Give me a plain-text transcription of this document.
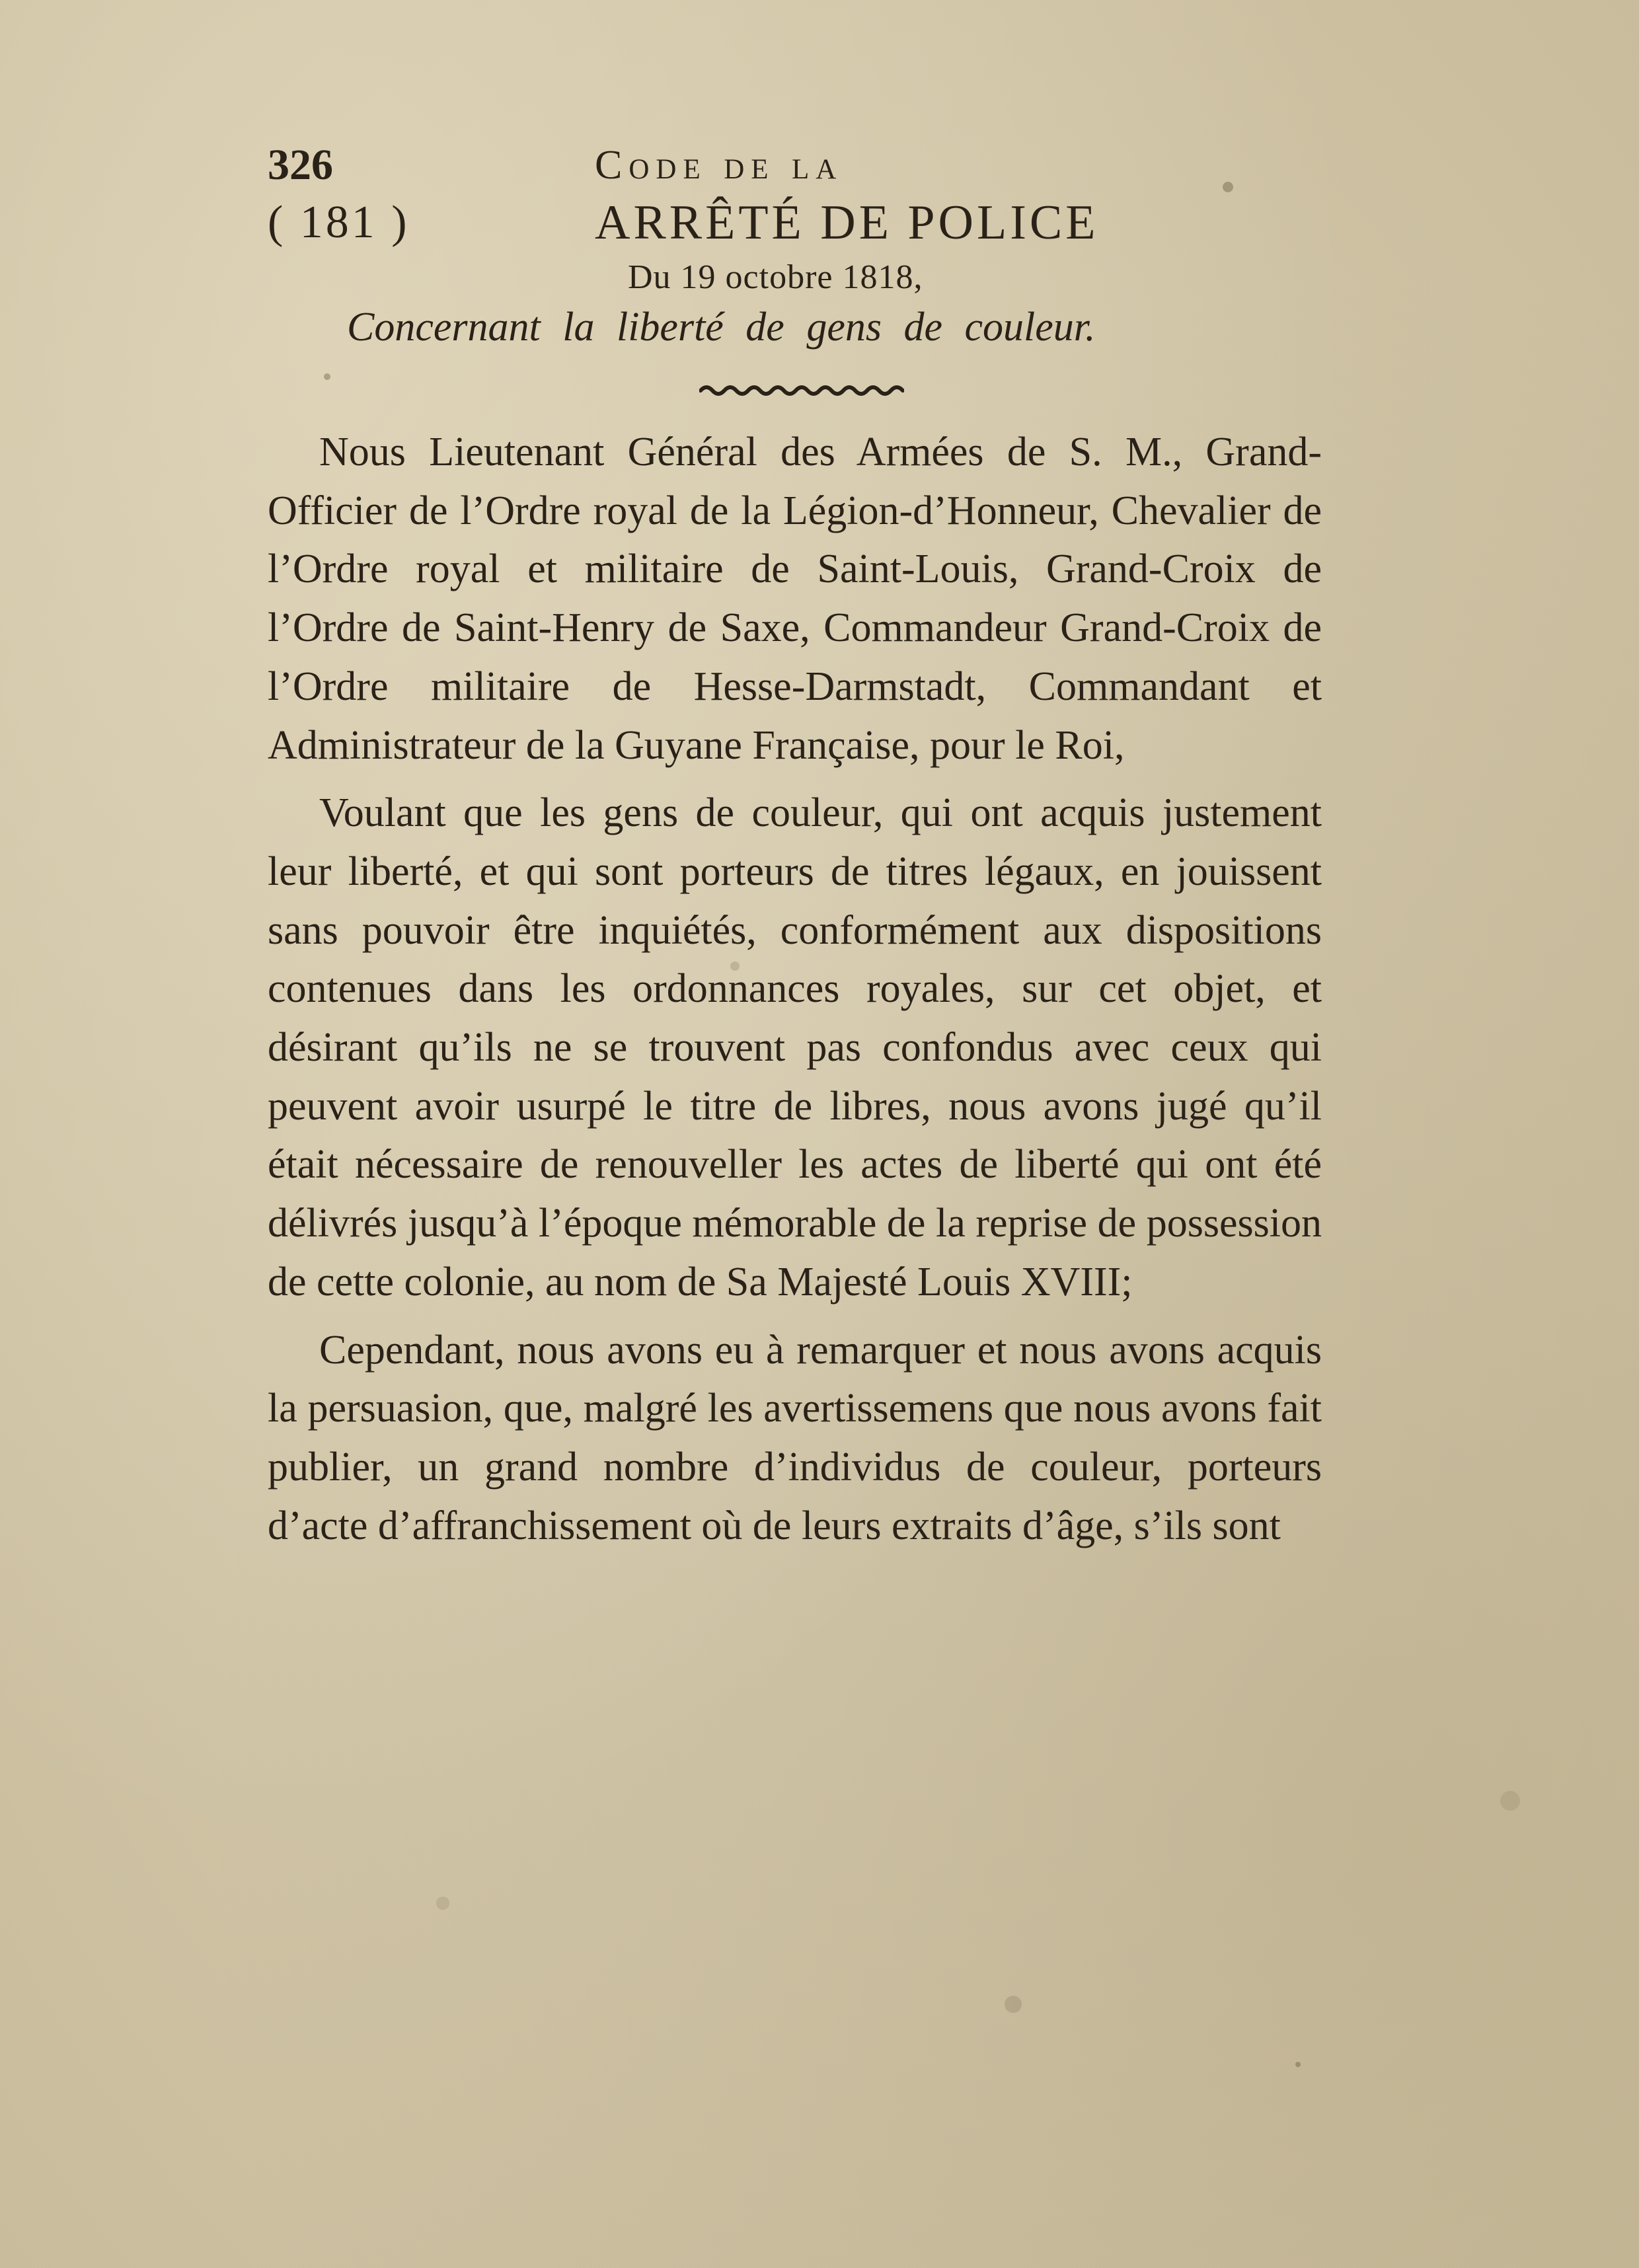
326	Code de la
( 181 )	ARRÊTÉ DE POLICE
Du 19 octobre 1818,
Concernant la liberté de gens de couleur.

Nous Lieutenant Général des Armées de S. M., Grand-Officier de l’Ordre royal de la Légion-d’Honneur, Chevalier de l’Ordre royal et militaire de Saint-Louis, Grand-Croix de l’Ordre de Saint-Henry de Saxe, Commandeur Grand-Croix de l’Ordre militaire de Hesse-Darmstadt, Commandant et Administrateur de la Guyane Française, pour le Roi,

Voulant que les gens de couleur, qui ont acquis justement leur liberté, et qui sont porteurs de titres légaux, en jouissent sans pouvoir être inquiétés, conformément aux dispositions contenues dans les ordonnances royales, sur cet objet, et désirant qu’ils ne se trouvent pas confondus avec ceux qui peuvent avoir usurpé le titre de libres, nous avons jugé qu’il était nécessaire de renouveller les actes de liberté qui ont été délivrés jusqu’à l’époque mémorable de la reprise de possession de cette colonie, au nom de Sa Majesté Louis XVIII;

Cependant, nous avons eu à remarquer et nous avons acquis la persuasion, que, malgré les avertissemens que nous avons fait publier, un grand nombre d’individus de couleur, porteurs d’acte d’affranchissement où de leurs extraits d’âge, s’ils sont
